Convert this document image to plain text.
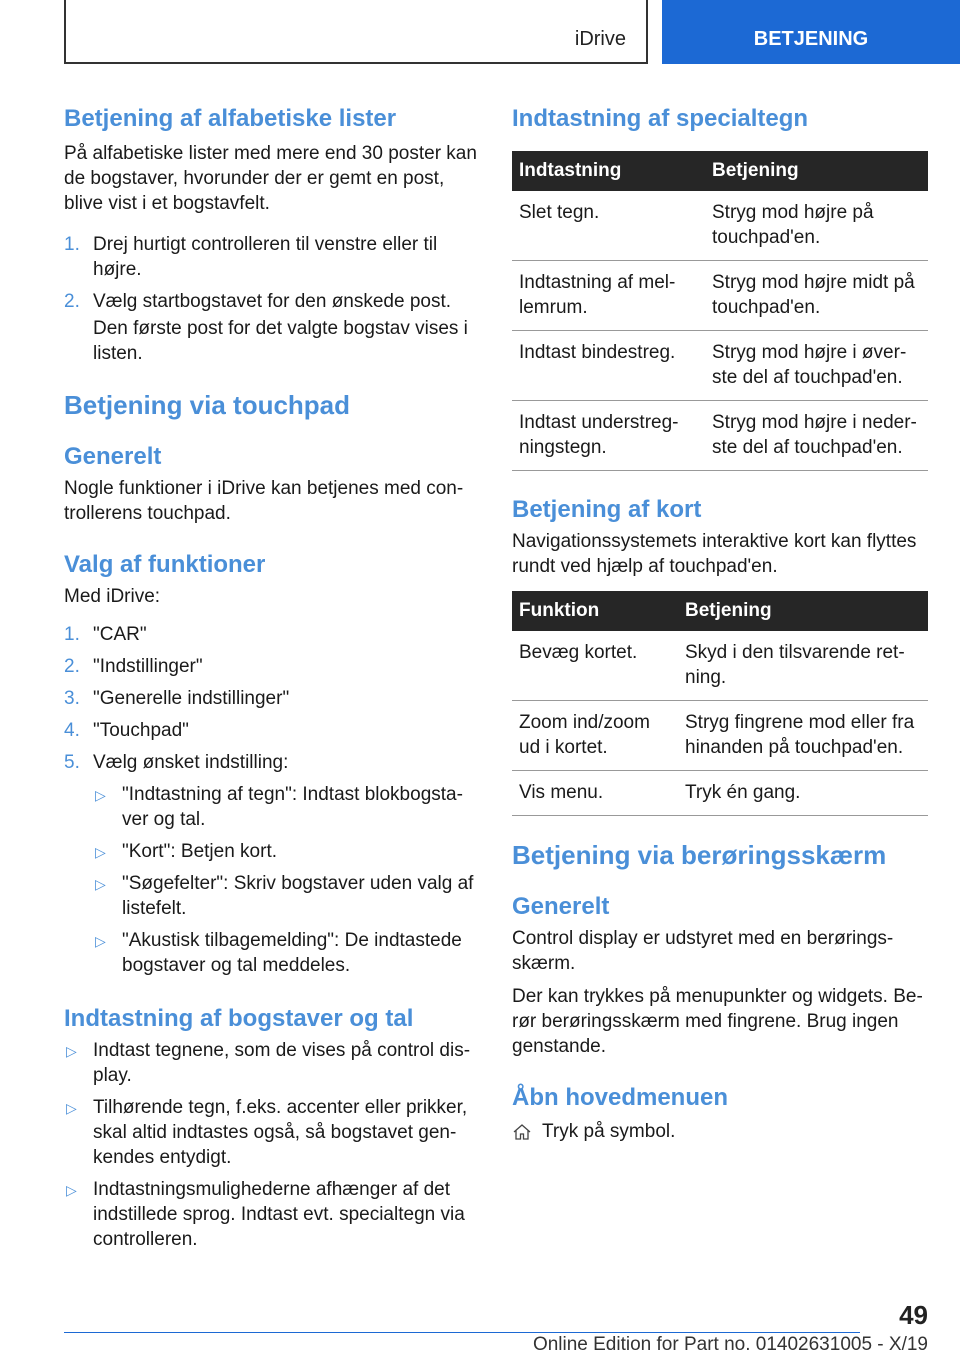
iDrive	BETJENING
Betjening af alfabetiske lister

På alfabetiske lister med mere end 30 poster kan de bogstaver, hvorunder der er gemt en post, blive vist i et bogstavfelt.

1. Drej hurtigt controlleren til venstre eller til højre.
2. Vælg startbogstavet for den ønskede post.
Den første post for det valgte bogstav vises i listen.
Betjening via touchpad
Generelt

Nogle funktioner i iDrive kan betjenes med controllerens touchpad.

Valg af funktioner

Med iDrive:

1. "CAR"
2. "Indstillinger"
3. "Generelle indstillinger"
4. "Touchpad"
5. Vælg ønsket indstilling:
▷ "Indtastning af tegn": Indtast blokbogstaver og tal.
▷ "Kort": Betjen kort.
▷ "Søgefelter": Skriv bogstaver uden valg af listefelt.
▷ "Akustisk tilbagemelding": De indtastede bogstaver og tal meddeles.
Indtastning af bogstaver og tal
▷ Indtast tegnene, som de vises på control display.
▷ Tilhørende tegn, f.eks. accenter eller prikker, skal altid indtastes også, så bogstavet genkendes entydigt.
▷ Indtastningsmulighederne afhænger af det indstillede sprog. Indtast evt. specialtegn via controlleren.
Indtastning af specialtegn
Indtastning	Betjening
Slet tegn.	Stryg mod højre på touchpad'en.
Indtastning af mellemrum.	Stryg mod højre midt på touchpad'en.
Indtast bindestreg.	Stryg mod højre i øverste del af touchpad'en.
Indtast understregningstegn.	Stryg mod højre i nederste del af touchpad'en.
Betjening af kort

Navigationssystemets interaktive kort kan flyttes rundt ved hjælp af touchpad'en.

Funktion	Betjening
Bevæg kortet.	Skyd i den tilsvarende retning.
Zoom ind/zoom ud i kortet.	Stryg fingrene mod eller fra hinanden på touchpad'en.
Vis menu.	Tryk én gang.
Betjening via berøringsskærm
Generelt

Control display er udstyret med en berøringsskærm.

Der kan trykkes på menupunkter og widgets. Berør berøringsskærm med fingrene. Brug ingen genstande.

Åbn hovedmenuen

Tryk på symbol.

49
Online Edition for Part no. 01402631005 - X/19
